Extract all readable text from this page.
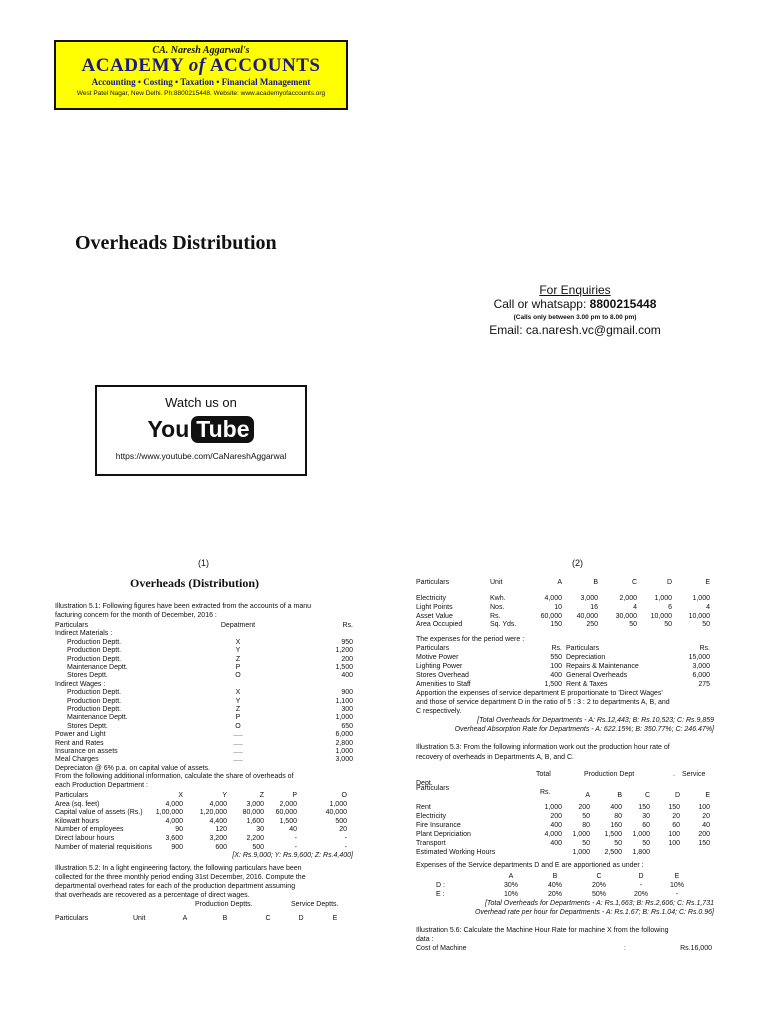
CA. Naresh Aggarwal's
ACADEMY of ACCOUNTS
Accounting • Costing • Taxation • Financial Management
West Patel Nagar, New Delhi. Ph:8800215448. Website: www.academyofaccounts.org
Overheads Distribution
For Enquiries
Call or whatsapp: 8800215448
(Calls only between 3.00 pm to 8.00 pm)
Email: ca.naresh.vc@gmail.com
Watch us on
You Tube
https://www.youtube.com/CaNareshAggarwal
(1)
Overheads (Distribution)
Illustration 5.1: Following figures have been extracted from the accounts of a manu
facturing concern for the month of December, 2016 :
Particulars	Depatment	Rs.
Indirect Materials :
Production Deptt.	X	950
Production Deptt.	Y	1,200
Production Deptt.	Z	200
Maintenance Deptt.	P	1,500
Stores Deptt.	O	400
Indirect Wages :
Production Deptt.	X	900
Production Deptt.	Y	1,100
Production Deptt.	Z	300
Maintenance Deptt.	P	1,000
Stores Deptt.	O	650
Power and Light	.....	6,000
Rent and Rates	.....	2,800
Insurance on assets	.....	1,000
Meal Charges	.....	3,000
Depreciaton @ 6% p.a. on capital value of assets.
From the following additional information, calculate the share of overheads of
each Production Department :
Particulars	X	Y	Z	P	O
Area (sq. feet)	4,000	4,000	3,000	2,000	1,000
Capital value of assets (Rs.)	1,00,000	1,20,000	80,000	60,000	40,000
Kilowatt hours	4,000	4,400	1,600	1,500	500
Number of employees	90	120	30	40	20
Direct labour hours	3,600	3,200	2,200	-	-
Number of material requisitions	900	600	500	-	-
[X: Rs.9,000; Y: Rs.9,600; Z: Rs.4,400]
Illustration 5.2: In a light engineering factory, the following particulars have been
collected for the three monthly period ending 31st December, 2016. Compute the
departmental overhead rates for each of the production department assuming
that overheads are recovered as a percentage of direct wages.
Production Deptts.	Service Deptts.
Particulars	Unit	A	B	C	D	E
(2)
Particulars	Unit	A	B	C	D	E
Electricity	Kwh.	4,000	3,000	2,000	1,000	1,000
Light Points	Nos.	10	16	4	6	4
Asset Value	Rs.	60,000	40,000	30,000	10,000	10,000
Area Occupied	Sq. Yds.	150	250	50	50	50
The expenses for the period were :
Particulars	Rs. Particulars	Rs.
Motive Power	550 Depreciation	15,000
Lighting Power	100 Repairs & Maintenance	3,000
Stores Overhead	400 General Overheads	6,000
Amenities to Staff	1,500 Rent & Taxes	275
Apportion the expenses of service department E proportionate to 'Direct Wages'
and those of service department D in the ratio of 5 : 3 : 2 to departments A, B, and
C respectively.
[Total Overheads for Departments - A: Rs.12,443; B: Rs.10,523; C: Rs.9,859
Overhead Absorption Rate for Departments - A: 622.15%; B: 350.77%; C: 246.47%]
Illustration 5.3: From the following information work out the production hour rate of
recovery of overheads in Departments A, B, and C.
Total	Production Dept	.	Service
Dept.
Particulars
Rs.	A	B	C	D	E
Rent	1,000	200	400	150	150	100
Electricity	200	50	80	30	20	20
Fire Insurance	400	80	160	60	60	40
Plant Depriciation	4,000	1,000	1,500	1,000	100	200
Transport	400	50	50	50	100	150
Estimated Working Hours	1,000	2,500	1,800
Expenses of the Service departments D and E are apportioned as under :
A	B	C	D	E
D :	30%	40%	20%	-	10%
E :	10%	20%	50%	20%	-
[Total Overheads for Departments - A: Rs.1,663; B: Rs.2,606; C: Rs.1,731
Overhead rate per hour for Departments - A: Rs.1.67; B: Rs.1.04; C: Rs.0.96]
Illustration 5.6: Calculate the Machine Hour Rate for machine X from the following
data :
Cost of Machine	:	Rs.16,000
